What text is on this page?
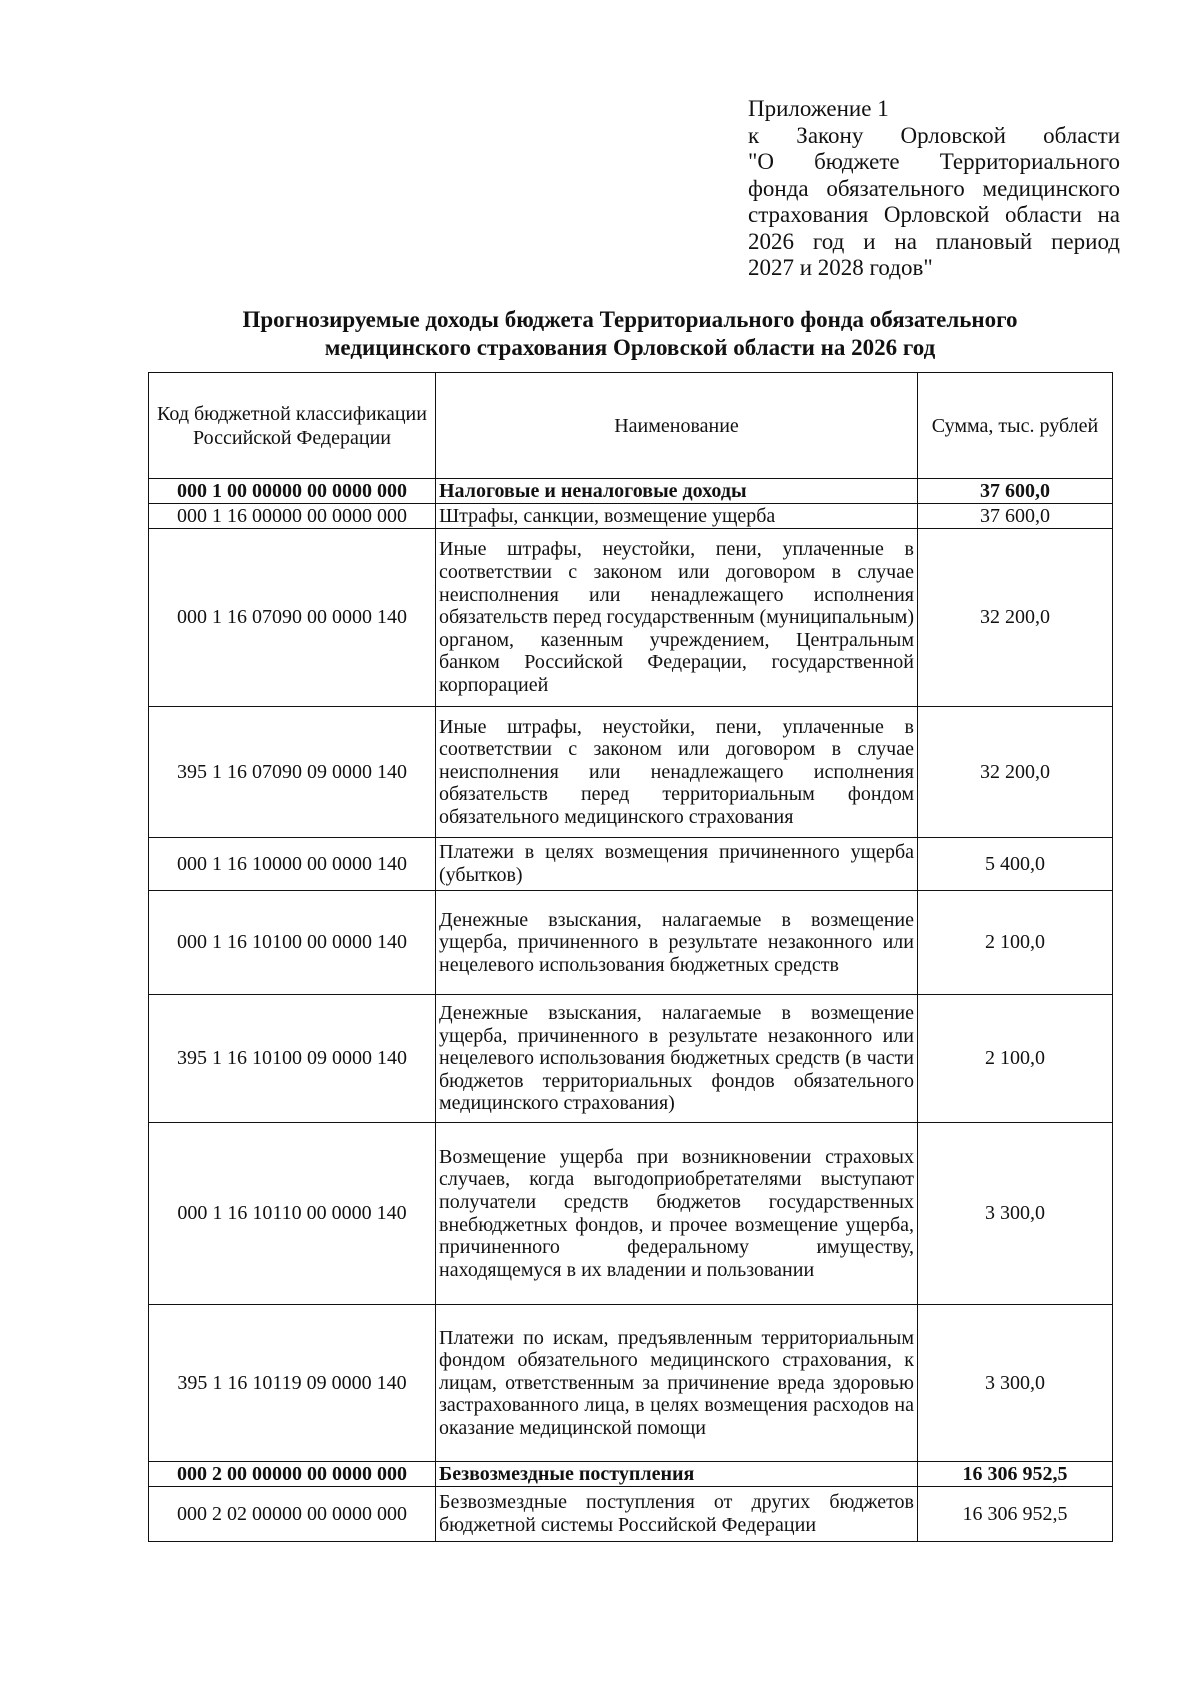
Приложение 1
к Закону Орловской области
"О бюджете Территориального
фонда обязательного медицинского
страхования Орловской области на
2026 год и на плановый период
2027 и 2028 годов"
Прогнозируемые доходы бюджета Территориального фонда обязательного
медицинского страхования Орловской области на 2026 год
Код бюджетной классификации Российской Федерации	Наименование	Сумма, тыс. рублей
000 1 00 00000 00 0000 000	Налоговые и неналоговые доходы	37 600,0
000 1 16 00000 00 0000 000	Штрафы, санкции, возмещение ущерба	37 600,0
000 1 16 07090 00 0000 140	Иные штрафы, неустойки, пени, уплаченные в соответствии с законом или договором в случае неисполнения или ненадлежащего исполнения обязательств перед государственным (муниципальным) органом, казенным учреждением, Центральным банком Российской Федерации, государственной корпорацией	32 200,0
395 1 16 07090 09 0000 140	Иные штрафы, неустойки, пени, уплаченные в соответствии с законом или договором в случае неисполнения или ненадлежащего исполнения обязательств перед территориальным фондом обязательного медицинского страхования	32 200,0
000 1 16 10000 00 0000 140	Платежи в целях возмещения причиненного ущерба (убытков)	5 400,0
000 1 16 10100 00 0000 140	Денежные взыскания, налагаемые в возмещение ущерба, причиненного в результате незаконного или нецелевого использования бюджетных средств	2 100,0
395 1 16 10100 09 0000 140	Денежные взыскания, налагаемые в возмещение ущерба, причиненного в результате незаконного или нецелевого использования бюджетных средств (в части бюджетов территориальных фондов обязательного медицинского страхования)	2 100,0
000 1 16 10110 00 0000 140	Возмещение ущерба при возникновении страховых случаев, когда выгодоприобретателями выступают получатели средств бюджетов государственных внебюджетных фондов, и прочее возмещение ущерба, причиненного федеральному имуществу, находящемуся в их владении и пользовании	3 300,0
395 1 16 10119 09 0000 140	Платежи по искам, предъявленным территориальным фондом обязательного медицинского страхования, к лицам, ответственным за причинение вреда здоровью застрахованного лица, в целях возмещения расходов на оказание медицинской помощи	3 300,0
000 2 00 00000 00 0000 000	Безвозмездные поступления	16 306 952,5
000 2 02 00000 00 0000 000	Безвозмездные поступления от других бюджетов бюджетной системы Российской Федерации	16 306 952,5
